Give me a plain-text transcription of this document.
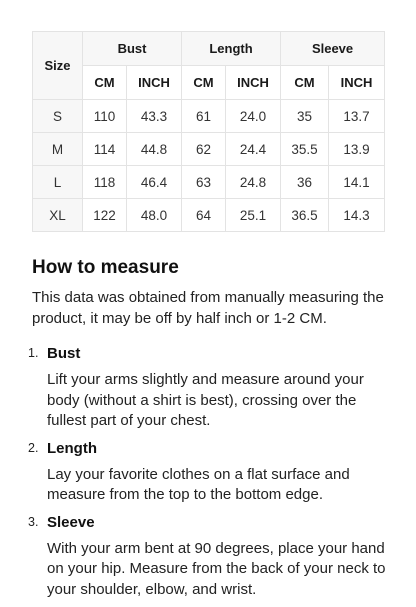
Size	Bust		Length		Sleeve	
	CM	INCH	CM	INCH	CM	INCH
S	110	43.3	61	24.0	35	13.7
M	114	44.8	62	24.4	35.5	13.9
L	118	46.4	63	24.8	36	14.1
XL	122	48.0	64	25.1	36.5	14.3
How to measure

This data was obtained from manually measuring the product, it may be off by half inch or 1-2 CM.

1. Bust
Lift your arms slightly and measure around your body (without a shirt is best), crossing over the fullest part of your chest.
2. Length
Lay your favorite clothes on a flat surface and measure from the top to the bottom edge.
3. Sleeve
With your arm bent at 90 degrees, place your hand on your hip. Measure from the back of your neck to your shoulder, elbow, and wrist.
